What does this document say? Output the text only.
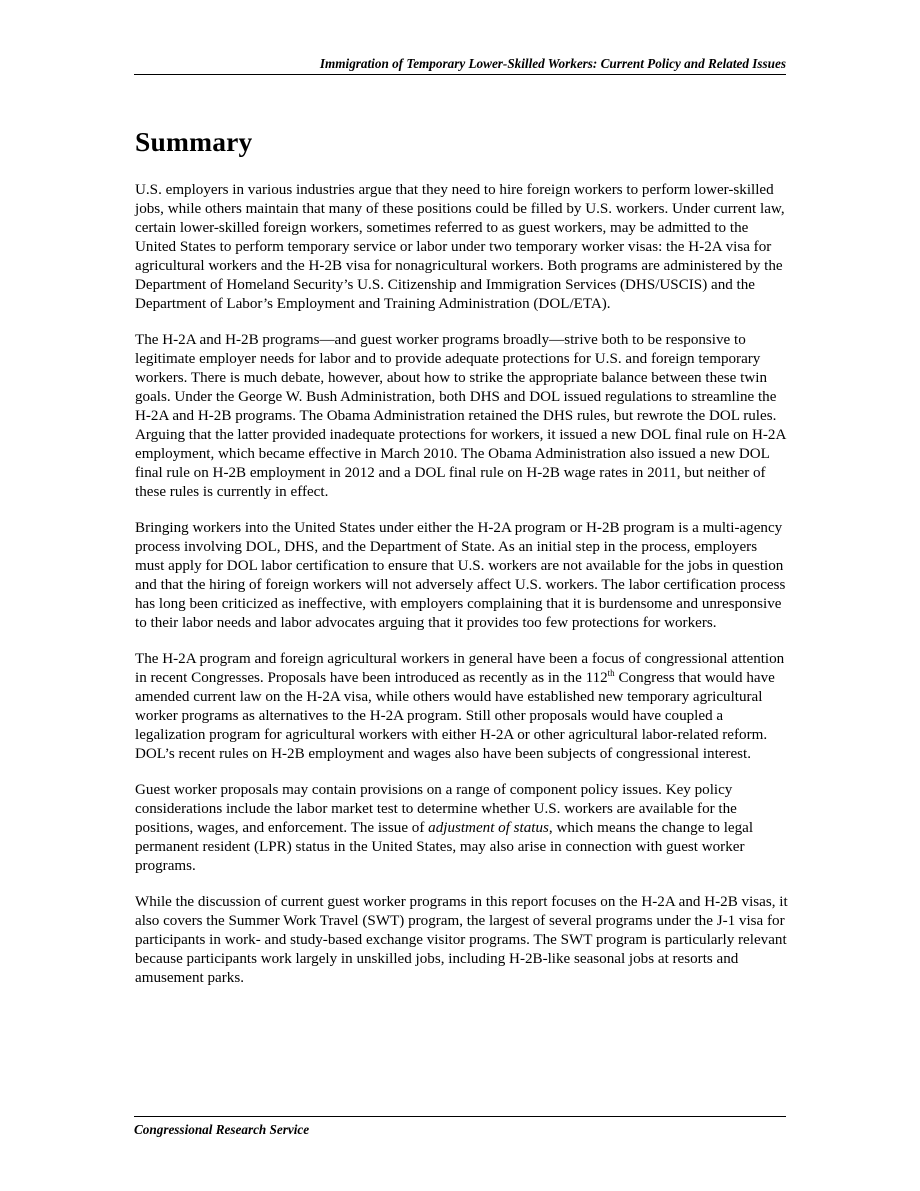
Immigration of Temporary Lower-Skilled Workers: Current Policy and Related Issues
Summary

U.S. employers in various industries argue that they need to hire foreign workers to perform lower-skilled jobs, while others maintain that many of these positions could be filled by U.S. workers. Under current law, certain lower-skilled foreign workers, sometimes referred to as guest workers, may be admitted to the United States to perform temporary service or labor under two temporary worker visas: the H-2A visa for agricultural workers and the H-2B visa for nonagricultural workers. Both programs are administered by the Department of Homeland Security’s U.S. Citizenship and Immigration Services (DHS/USCIS) and the Department of Labor’s Employment and Training Administration (DOL/ETA).

The H-2A and H-2B programs—and guest worker programs broadly—strive both to be responsive to legitimate employer needs for labor and to provide adequate protections for U.S. and foreign temporary workers. There is much debate, however, about how to strike the appropriate balance between these twin goals. Under the George W. Bush Administration, both DHS and DOL issued regulations to streamline the H-2A and H-2B programs. The Obama Administration retained the DHS rules, but rewrote the DOL rules. Arguing that the latter provided inadequate protections for workers, it issued a new DOL final rule on H-2A employment, which became effective in March 2010. The Obama Administration also issued a new DOL final rule on H-2B employment in 2012 and a DOL final rule on H-2B wage rates in 2011, but neither of these rules is currently in effect.

Bringing workers into the United States under either the H-2A program or H-2B program is a multi-agency process involving DOL, DHS, and the Department of State. As an initial step in the process, employers must apply for DOL labor certification to ensure that U.S. workers are not available for the jobs in question and that the hiring of foreign workers will not adversely affect U.S. workers. The labor certification process has long been criticized as ineffective, with employers complaining that it is burdensome and unresponsive to their labor needs and labor advocates arguing that it provides too few protections for workers.

The H-2A program and foreign agricultural workers in general have been a focus of congressional attention in recent Congresses. Proposals have been introduced as recently as in the 112th Congress that would have amended current law on the H-2A visa, while others would have established new temporary agricultural worker programs as alternatives to the H-2A program. Still other proposals would have coupled a legalization program for agricultural workers with either H-2A or other agricultural labor-related reform. DOL’s recent rules on H-2B employment and wages also have been subjects of congressional interest.

Guest worker proposals may contain provisions on a range of component policy issues. Key policy considerations include the labor market test to determine whether U.S. workers are available for the positions, wages, and enforcement. The issue of adjustment of status, which means the change to legal permanent resident (LPR) status in the United States, may also arise in connection with guest worker programs.

While the discussion of current guest worker programs in this report focuses on the H-2A and H-2B visas, it also covers the Summer Work Travel (SWT) program, the largest of several programs under the J-1 visa for participants in work- and study-based exchange visitor programs. The SWT program is particularly relevant because participants work largely in unskilled jobs, including H-2B-like seasonal jobs at resorts and amusement parks.

Congressional Research Service
